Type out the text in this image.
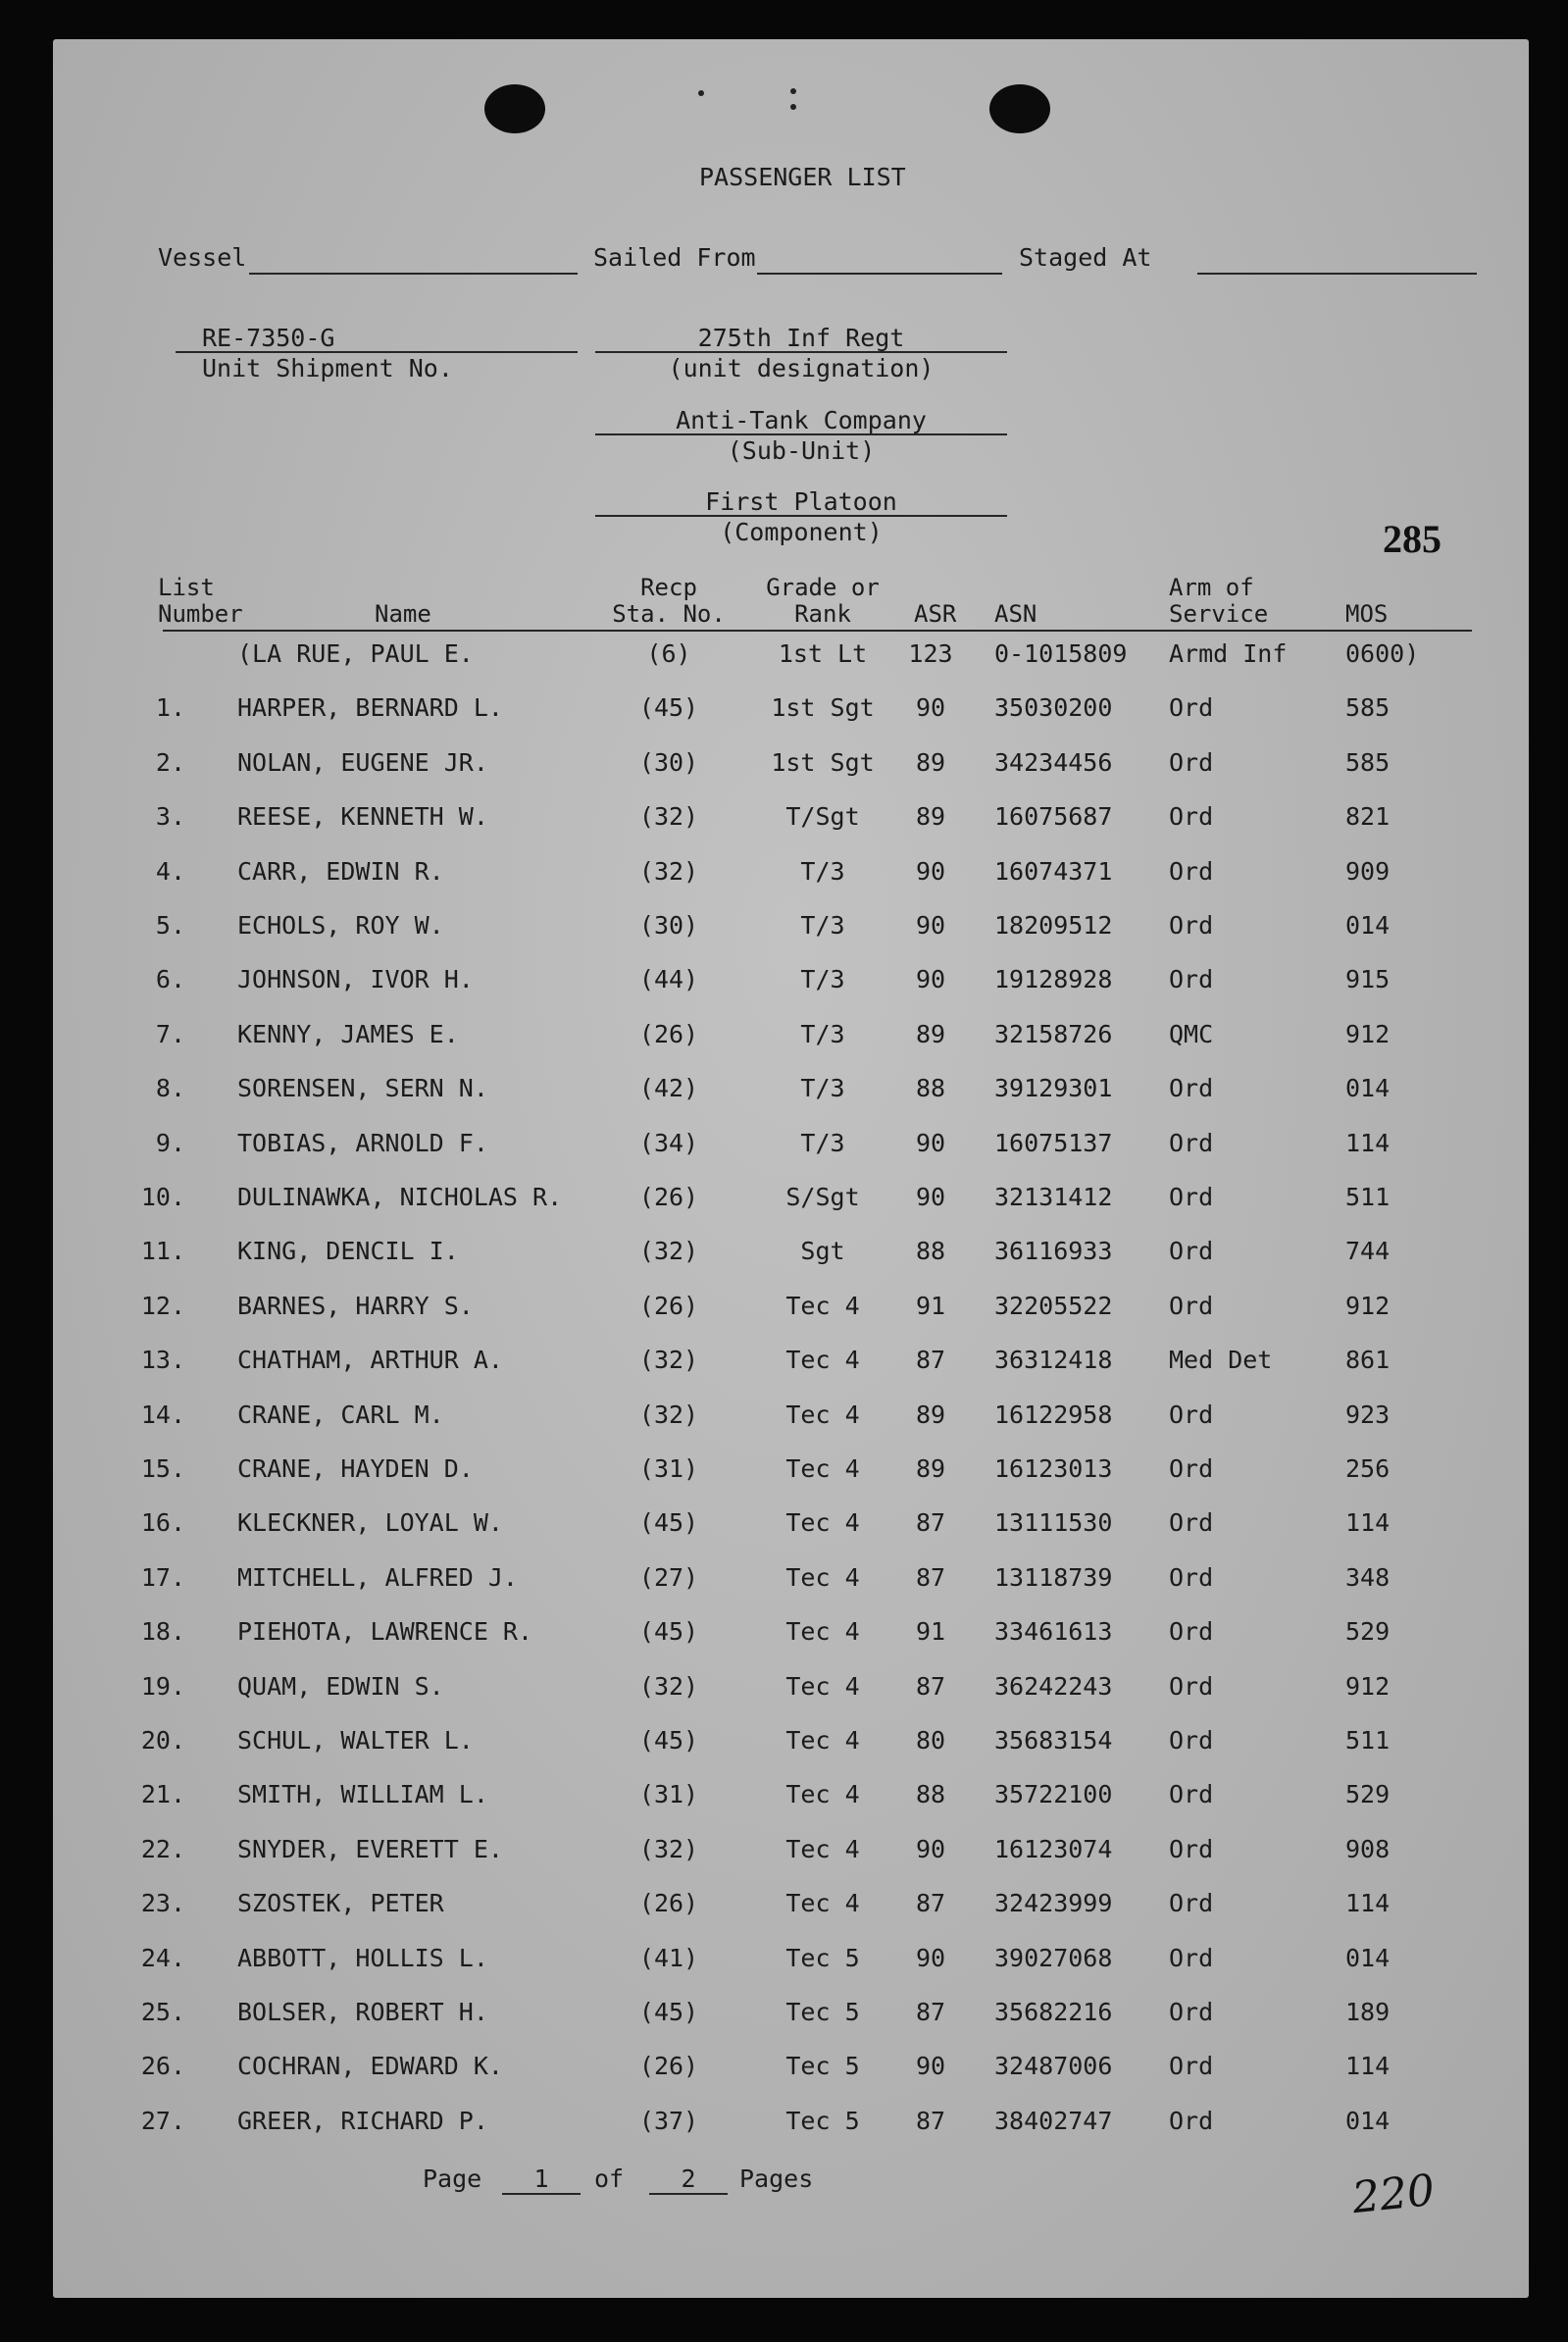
PASSENGER LIST
Vessel	Sailed From	Staged At
RE-7350-G
Unit Shipment No.
275th Inf Regt
(unit designation)
Anti-Tank Company
(Sub-Unit)
First Platoon
(Component)	285
List
Number	Name
Recp
Sta. No.
Grade or
Rank	ASR ASN
Arm of
Service	MOS
(LA RUE, PAUL E.	(6)	1st Lt	123	0-1015809	Armd Inf	0600)
1. HARPER, BERNARD L.	(45)	1st Sgt	90	35030200	Ord	585
2. NOLAN, EUGENE JR.	(30)	1st Sgt	89	34234456	Ord	585
3. REESE, KENNETH W.	(32)	T/Sgt	89	16075687	Ord	821
4. CARR, EDWIN R.	(32)	T/3	90	16074371	Ord	909
5. ECHOLS, ROY W.	(30)	T/3	90	18209512	Ord	014
6. JOHNSON, IVOR H.	(44)	T/3	90	19128928	Ord	915
7. KENNY, JAMES E.	(26)	T/3	89	32158726	QMC	912
8. SORENSEN, SERN N.	(42)	T/3	88	39129301	Ord	014
9. TOBIAS, ARNOLD F.	(34)	T/3	90	16075137	Ord	114
10. DULINAWKA, NICHOLAS R.	(26)	S/Sgt	90	32131412	Ord	511
11. KING, DENCIL I.	(32)	Sgt	88	36116933	Ord	744
12. BARNES, HARRY S.	(26)	Tec 4	91	32205522	Ord	912
13. CHATHAM, ARTHUR A.	(32)	Tec 4	87	36312418	Med Det	861
14. CRANE, CARL M.	(32)	Tec 4	89	16122958	Ord	923
15. CRANE, HAYDEN D.	(31)	Tec 4	89	16123013	Ord	256
16. KLECKNER, LOYAL W.	(45)	Tec 4	87	13111530	Ord	114
17. MITCHELL, ALFRED J.	(27)	Tec 4	87	13118739	Ord	348
18. PIEHOTA, LAWRENCE R.	(45)	Tec 4	91	33461613	Ord	529
19. QUAM, EDWIN S.	(32)	Tec 4	87	36242243	Ord	912
20. SCHUL, WALTER L.	(45)	Tec 4	80	35683154	Ord	511
21. SMITH, WILLIAM L.	(31)	Tec 4	88	35722100	Ord	529
22. SNYDER, EVERETT E.	(32)	Tec 4	90	16123074	Ord	908
23. SZOSTEK, PETER	(26)	Tec 4	87	32423999	Ord	114
24. ABBOTT, HOLLIS L.	(41)	Tec 5	90	39027068	Ord	014
25. BOLSER, ROBERT H.	(45)	Tec 5	87	35682216	Ord	189
26. COCHRAN, EDWARD K.	(26)	Tec 5	90	32487006	Ord	114
27. GREER, RICHARD P.	(37)	Tec 5	87	38402747	Ord	014
Page	1	of	2	Pages	220
